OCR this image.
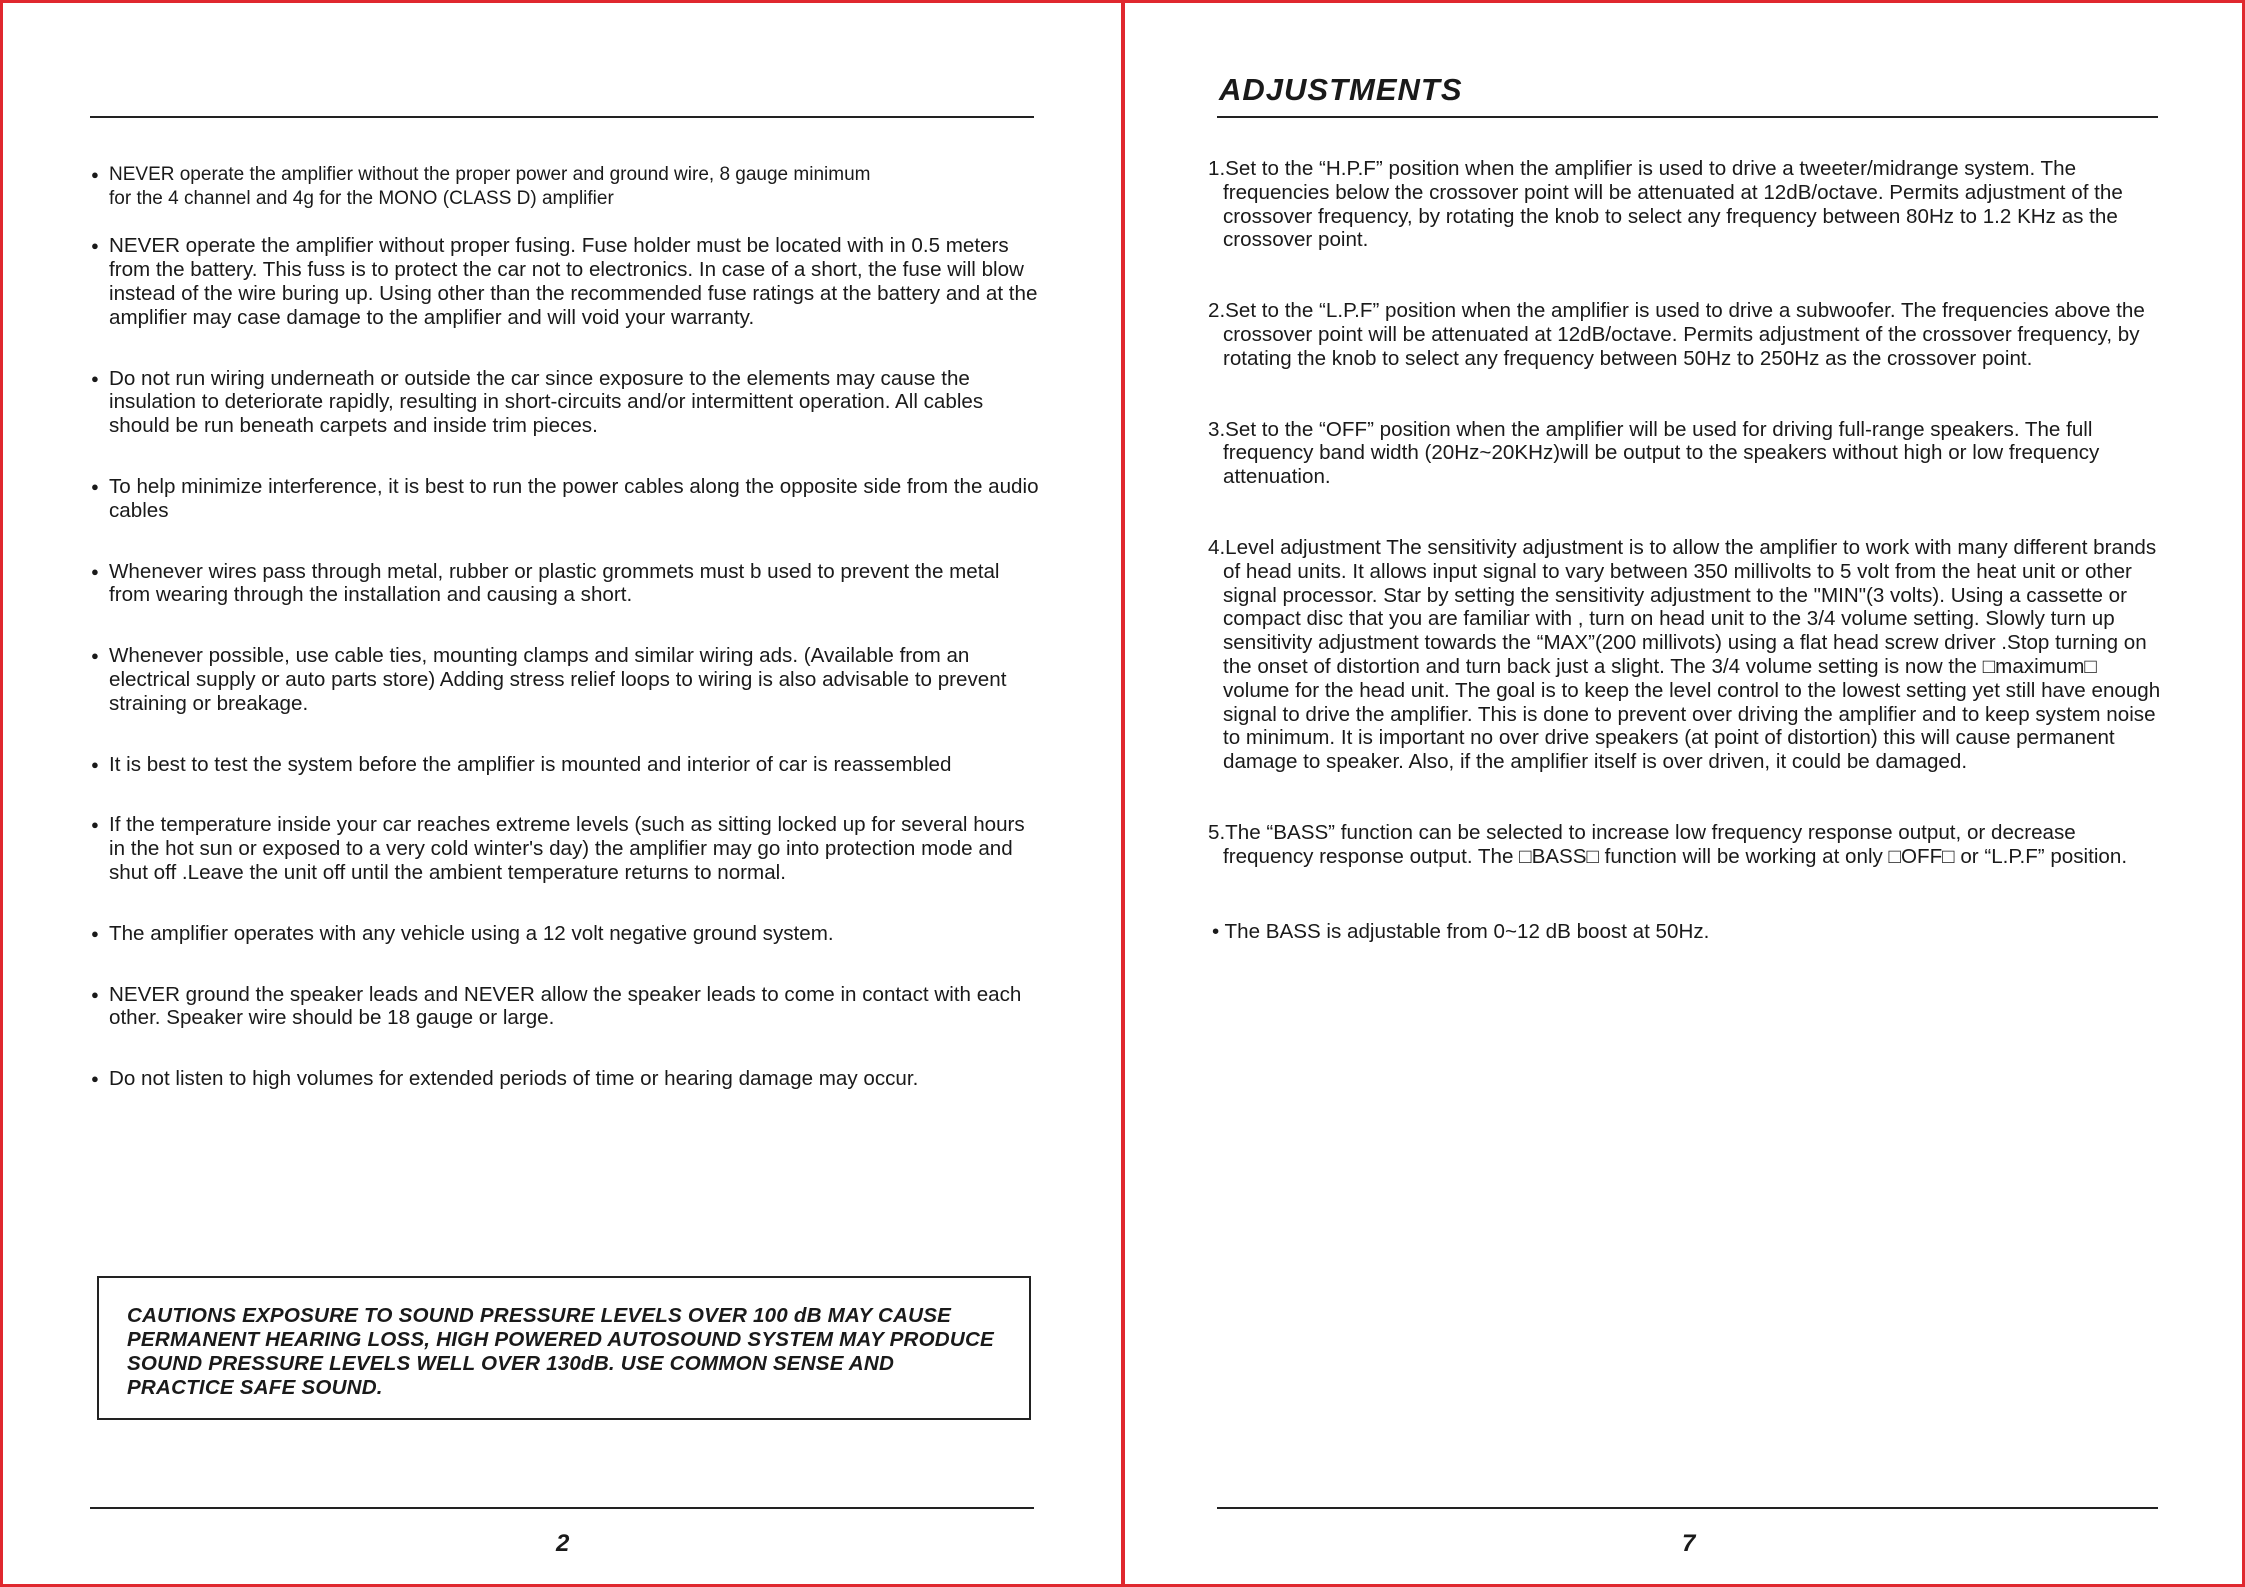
● NEVER operate the amplifier without the proper power and ground wire, 8 gauge minimum
for the 4 channel and 4g for the MONO (CLASS D) amplifier
● NEVER operate the amplifier without proper fusing. Fuse holder must be located with in 0.5 meters from the battery. This fuss is to protect the car not to electronics. In case of a short, the fuse will blow instead of the wire buring up. Using other than the recommended fuse ratings at the battery and at the amplifier may case damage to the amplifier and will void your warranty.
● Do not run wiring underneath or outside the car since exposure to the elements may cause the insulation to deteriorate rapidly, resulting in short-circuits and/or intermittent operation. All cables should be run beneath carpets and inside trim pieces.
● To help minimize interference, it is best to run the power cables along the opposite side from the audio cables
● Whenever wires pass through metal, rubber or plastic grommets must b used to prevent the metal from wearing through the installation and causing a short.
● Whenever possible, use cable ties, mounting clamps and similar wiring ads. (Available from an electrical supply or auto parts store) Adding stress relief loops to wiring is also advisable to prevent straining or breakage.
● It is best to test the system before the amplifier is mounted and interior of car is reassembled
● If the temperature inside your car reaches extreme levels (such as sitting locked up for several hours in the hot sun or exposed to a very cold winter's day) the amplifier may go into protection mode and shut off .Leave the unit off until the ambient temperature returns to normal.
● The amplifier operates with any vehicle using a 12 volt negative ground system.
● NEVER ground the speaker leads and NEVER allow the speaker leads to come in contact with each other. Speaker wire should be 18 gauge or large.
● Do not listen to high volumes for extended periods of time or hearing damage may occur.
CAUTIONS EXPOSURE TO SOUND PRESSURE LEVELS OVER 100 dB MAY CAUSE PERMANENT HEARING LOSS, HIGH POWERED AUTOSOUND SYSTEM MAY PRODUCE SOUND PRESSURE LEVELS WELL OVER 130dB. USE COMMON SENSE AND PRACTICE SAFE SOUND.
2	7
ADJUSTMENTS
1.Set to the “H.P.F” position when the amplifier is used to drive a tweeter/midrange system. The frequencies below the crossover point will be attenuated at 12dB/octave. Permits adjustment of the crossover frequency, by rotating the knob to select any frequency between 80Hz to 1.2 KHz as the crossover point.
2.Set to the “L.P.F” position when the amplifier is used to drive a subwoofer. The frequencies above the crossover point will be attenuated at 12dB/octave. Permits adjustment of the crossover frequency, by rotating the knob to select any frequency between 50Hz to 250Hz as the crossover point.
3.Set to the “OFF” position when the amplifier will be used for driving full-range speakers. The full frequency band width (20Hz~20KHz)will be output to the speakers without high or low frequency attenuation.
4.Level adjustment The sensitivity adjustment is to allow the amplifier to work with many different brands of head units. It allows input signal to vary between 350 millivolts to 5 volt from the heat unit or other signal processor. Star by setting the sensitivity adjustment to the "MIN"(3 volts). Using a cassette or compact disc that you are familiar with , turn on head unit to the 3/4 volume setting. Slowly turn up sensitivity adjustment towards the “MAX”(200 millivots) using a flat head screw driver .Stop turning on the onset of distortion and turn back just a slight. The 3/4 volume setting is now the □maximum□ volume for the head unit. The goal is to keep the level control to the lowest setting yet still have enough signal to drive the amplifier. This is done to prevent over driving the amplifier and to keep system noise to minimum. It is important no over drive speakers (at point of distortion) this will cause permanent damage to speaker. Also, if the amplifier itself is over driven, it could be damaged.
5.The “BASS” function can be selected to increase low frequency response output, or decrease frequency response output. The □BASS□ function will be working at only □OFF□ or “L.P.F” position.
• The BASS is adjustable from 0~12 dB boost at 50Hz.
